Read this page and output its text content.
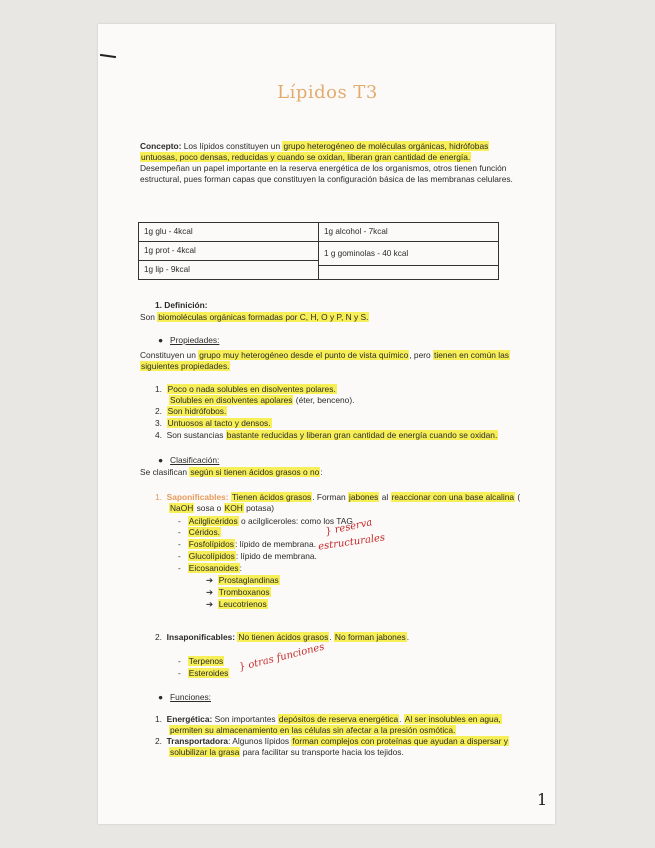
Lípidos T3
Concepto: Los lípidos constituyen un grupo heterogéneo de moléculas orgánicas, hidrófobas
untuosas, poco densas, reducidas y cuando se oxidan, liberan gran cantidad de energía.
Desempeñan un papel importante en la reserva energética de los organismos, otros tienen función
estructural, pues forman capas que constituyen la configuración básica de las membranas celulares.
1g glu - 4kcal
1g prot - 4kcal
1g lip - 9kcal
1g alcohol - 7kcal
1 g gominolas - 40 kcal
1. Definición:
Son biomoléculas orgánicas formadas por C, H, O y P, N y S.
● Propiedades:
Constituyen un grupo muy heterogéneo desde el punto de vista químico, pero tienen en común las
siguientes propiedades.
1. Poco o nada solubles en disolventes polares.
Solubles en disolventes apolares (éter, benceno).
2. Son hidrófobos.
3. Untuosos al tacto y densos.
4. Son sustancias bastante reducidas y liberan gran cantidad de energía cuando se oxidan.
● Clasificación:
Se clasifican según si tienen ácidos grasos o no:
1. Saponificables: Tienen ácidos grasos. Forman jabones al reaccionar con una base alcalina (
NaOH sosa o KOH potasa)
-   Acilglicéridos o acilgliceroles: como los TAG
-   Céridos.
-   Fosfolípidos: lípido de membrana.
-   Glucolípidos: lípido de membrana.
-   Eicosanoides:
➔ Prostaglandinas
➔ Tromboxanos
➔ Leucotrienos
2. Insaponificables: No tienen ácidos grasos. No forman jabones.
-   Terpenos
-   Esteroides
● Funciones:
1. Energética: Son importantes depósitos de reserva energética. Al ser insolubles en agua,
permiten su almacenamiento en las células sin afectar a la presión osmótica.
2. Transportadora: Algunos lípidos forman complejos con proteínas que ayudan a dispersar y
solubilizar la grasa para facilitar su transporte hacia los tejidos.
} reserva
estructurales
} otras funciones
1
